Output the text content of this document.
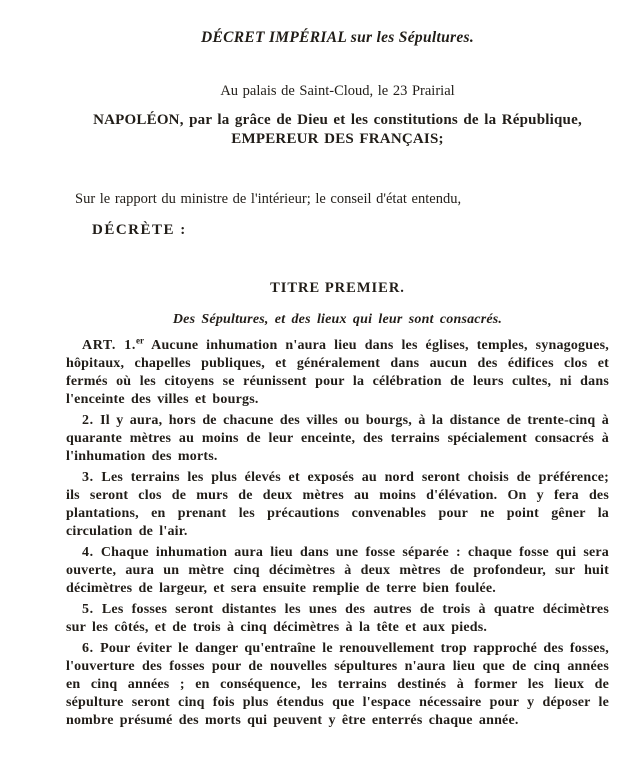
DÉCRET IMPÉRIAL sur les Sépultures.

Au palais de Saint-Cloud, le 23 Prairial

NAPOLÉON, par la grâce de Dieu et les constitutions de la République,
EMPEREUR DES FRANÇAIS;

Sur le rapport du ministre de l'intérieur; le conseil d'état entendu,

DÉCRÈTE :

TITRE PREMIER.

Des Sépultures, et des lieux qui leur sont consacrés.

ART. 1.$^{er}$ Aucune inhumation n'aura lieu dans les églises, temples, synagogues, hôpitaux, chapelles publiques, et généralement dans aucun des édifices clos et fermés où les citoyens se réunissent pour la célébration de leurs cultes, ni dans l'enceinte des villes et bourgs.

2. Il y aura, hors de chacune des villes ou bourgs, à la distance de trente-cinq à quarante mètres au moins de leur enceinte, des terrains spécialement consacrés à l'inhumation des morts.

3. Les terrains les plus élevés et exposés au nord seront choisis de préférence; ils seront clos de murs de deux mètres au moins d'élévation. On y fera des plantations, en prenant les précautions convenables pour ne point gêner la circulation de l'air.

4. Chaque inhumation aura lieu dans une fosse séparée : chaque fosse qui sera ouverte, aura un mètre cinq décimètres à deux mètres de profondeur, sur huit décimètres de largeur, et sera ensuite remplie de terre bien foulée.

5. Les fosses seront distantes les unes des autres de trois à quatre décimètres sur les côtés, et de trois à cinq décimètres à la tête et aux pieds.

6. Pour éviter le danger qu'entraîne le renouvellement trop rapproché des fosses, l'ouverture des fosses pour de nouvelles sépultures n'aura lieu que de cinq années en cinq années ; en conséquence, les terrains destinés à former les lieux de sépulture seront cinq fois plus étendus que l'espace nécessaire pour y déposer le nombre présumé des morts qui peuvent y être enterrés chaque année.
